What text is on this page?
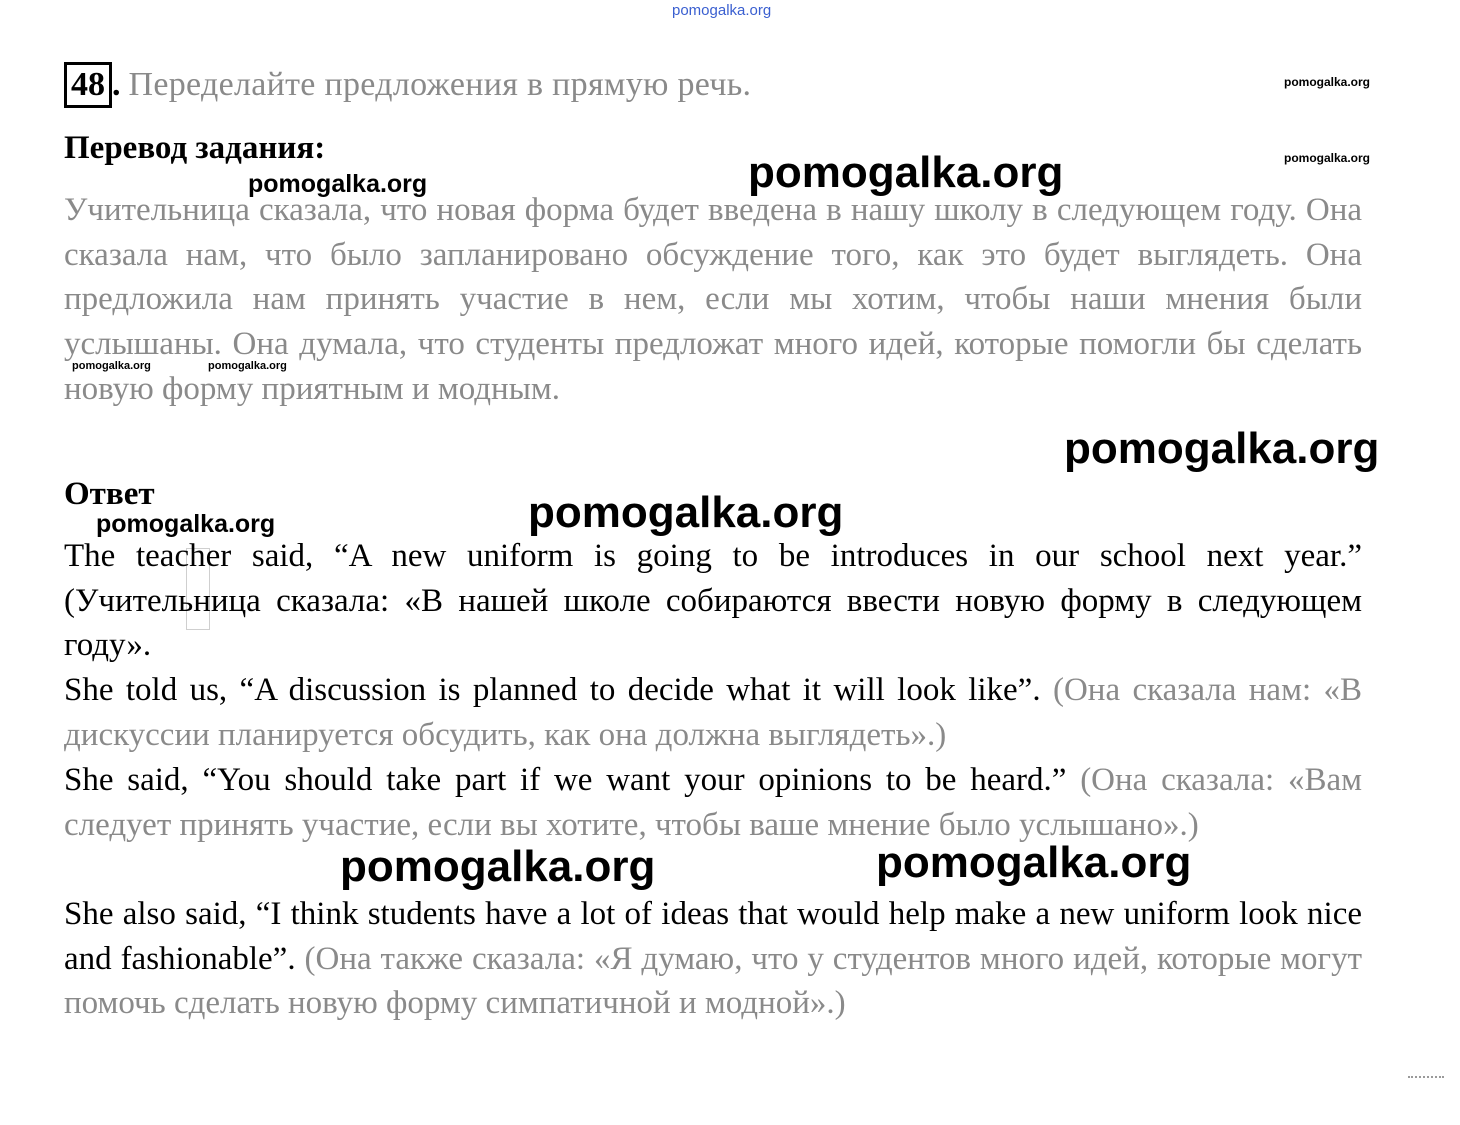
pomogalka.org
48 . Переделайте предложения в прямую речь.
Перевод задания:

Учительница сказала, что новая форма будет введена в нашу школу в следующем году. Она сказала нам, что было запланировано обсуждение того, как это будет выглядеть. Она предложила нам принять участие в нем, если мы хотим, чтобы наши мнения были услышаны. Она думала, что студенты предложат много идей, которые помогли бы сделать новую форму приятным и модным.

Ответ

The teacher said, “A new uniform is going to be introduces in our school next year.” (Учительница сказала: «В нашей школе собираются ввести новую форму в следующем году».

She told us, “A discussion is planned to decide what it will look like”. (Она сказала нам: «В дискуссии планируется обсудить, как она должна выглядеть».)

She said, “You should take part if we want your opinions to be heard.” (Она сказала: «Вам следует принять участие, если вы хотите, чтобы ваше мнение было услышано».)

She also said, “I think students have a lot of ideas that would help make a new uniform look nice and fashionable”. (Она также сказала: «Я думаю, что у студентов много идей, которые могут помочь сделать новую форму симпатичной и модной».)

pomogalka.org
pomogalka.org
pomogalka.org
pomogalka.org
pomogalka.org	pomogalka.org
pomogalka.org
pomogalka.org
pomogalka.org
pomogalka.org	pomogalka.org
